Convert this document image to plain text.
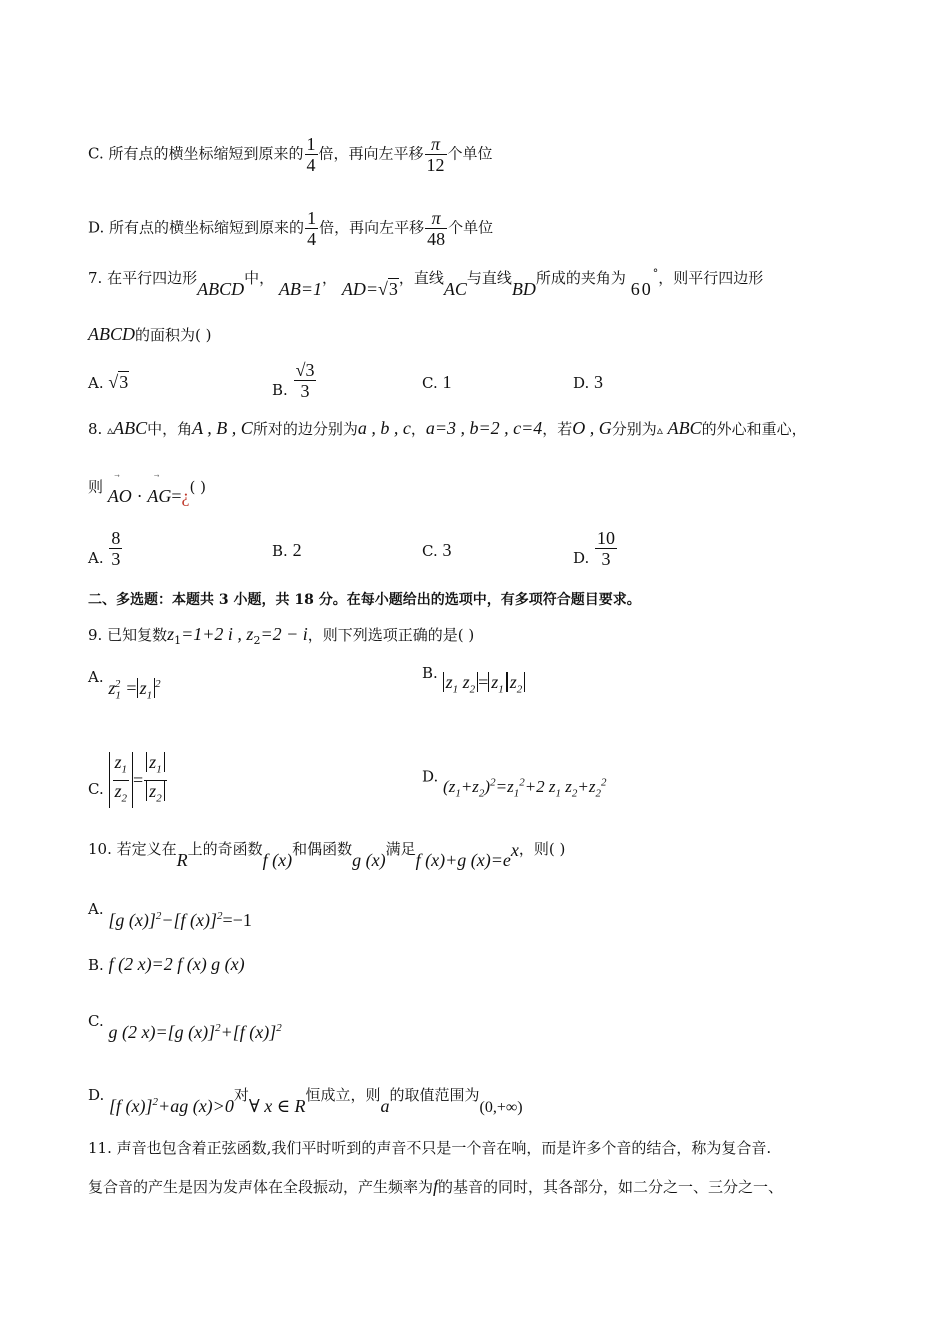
C. 所有点的横坐标缩短到原来的 $\frac{1}{4}$ 倍，再向左平移 $\frac{\pi}{12}$ 个单位
D. 所有点的横坐标缩短到原来的 $\frac{1}{4}$ 倍，再向左平移 $\frac{\pi}{48}$ 个单位
7. 在平行四边形ABCD中， AB=1， AD=√3，直线AC与直线BD所成的夹角为 60°，则平行四边形
ABCD的面积为( )
A. √3	B. $\frac{√3}{3}$	C. 1	D. 3
8. ▵ABC中，角A , B , C所对的边分别为a , b , c，a=3 , b=2 , c=4，若O , G分别为▵ ABC的外心和重心，
则 AO · AG=¿( )
A. $\frac{8}{3}$	B. 2	C. 3	D. $\frac{10}{3}$
二、多选题：本题共 3 小题，共 18 分。在每小题给出的选项中，有多项符合题目要求。
9. 已知复数$z_1=1+2$ i , $z_2=2 - i$，则下列选项正确的是( )
A. $z_1^2 = z_1^2$
B. $z_1$ $z_2 = z_1$ $z_2$
C. $\frac{z_1}{z_2} = \frac{z_1}{z_2}$	D. $(z_1+z_2)^2=z_1^2+2$ $z_1$ $z_2+z_2^2$
10. 若定义在R上的奇函数f (x)和偶函数g (x)满足f (x)+g $(x)=e^x$，则( )
A. [g (x)]$^2$−[f (x)]$^2$=−1
B. f (2 x)=2 f (x) g (x)
C. g (2 x)=[g (x)]$^2$+[f (x)]$^2$
D. [f (x)]$^2$+ag (x)>0对∀ x ∈ R恒成立，则a的取值范围为(0,+∞)
11. 声音也包含着正弦函数,我们平时听到的声音不只是一个音在响，而是许多个音的结合，称为复合音.
复合音的产生是因为发声体在全段振动，产生频率为f的基音的同时，其各部分，如二分之一、三分之一、
